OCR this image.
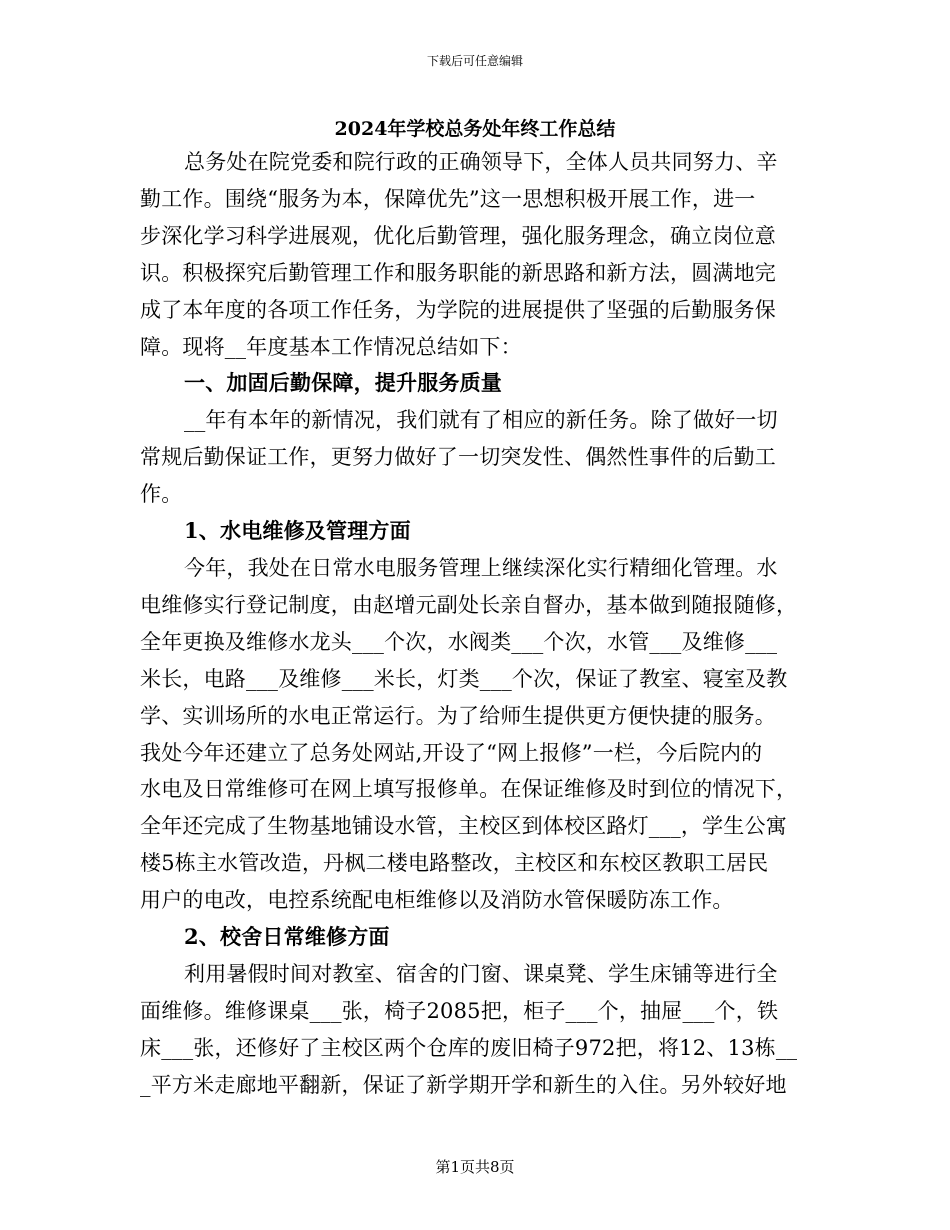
下载后可任意编辑
2024年学校总务处年终工作总结
总务处在院党委和院行政的正确领导下，全体人员共同努力、辛
勤工作。围绕“服务为本，保障优先”这一思想积极开展工作，进一
步深化学习科学进展观，优化后勤管理，强化服务理念，确立岗位意
识。积极探究后勤管理工作和服务职能的新思路和新方法，圆满地完
成了本年度的各项工作任务，为学院的进展提供了坚强的后勤服务保
障。现将__年度基本工作情况总结如下：
一、加固后勤保障，提升服务质量
__年有本年的新情况，我们就有了相应的新任务。除了做好一切
常规后勤保证工作，更努力做好了一切突发性、偶然性事件的后勤工
作。
1、水电维修及管理方面
今年，我处在日常水电服务管理上继续深化实行精细化管理。水
电维修实行登记制度，由赵增元副处长亲自督办，基本做到随报随修，
全年更换及维修水龙头___个次，水阀类___个次，水管___及维修___
米长，电路___及维修___米长，灯类___个次，保证了教室、寝室及教
学、实训场所的水电正常运行。为了给师生提供更方便快捷的服务。
我处今年还建立了总务处网站,开设了“网上报修”一栏，今后院内的
水电及日常维修可在网上填写报修单。在保证维修及时到位的情况下，
全年还完成了生物基地铺设水管，主校区到体校区路灯___，学生公寓
楼5栋主水管改造，丹枫二楼电路整改，主校区和东校区教职工居民
用户的电改，电控系统配电柜维修以及消防水管保暖防冻工作。
2、校舍日常维修方面
利用暑假时间对教室、宿舍的门窗、课桌凳、学生床铺等进行全
面维修。维修课桌___张，椅子2085把，柜子___个，抽屉___个，铁
床___张，还修好了主校区两个仓库的废旧椅子972把，将12、13栋__
_平方米走廊地平翻新，保证了新学期开学和新生的入住。另外较好地
第1页共8页
